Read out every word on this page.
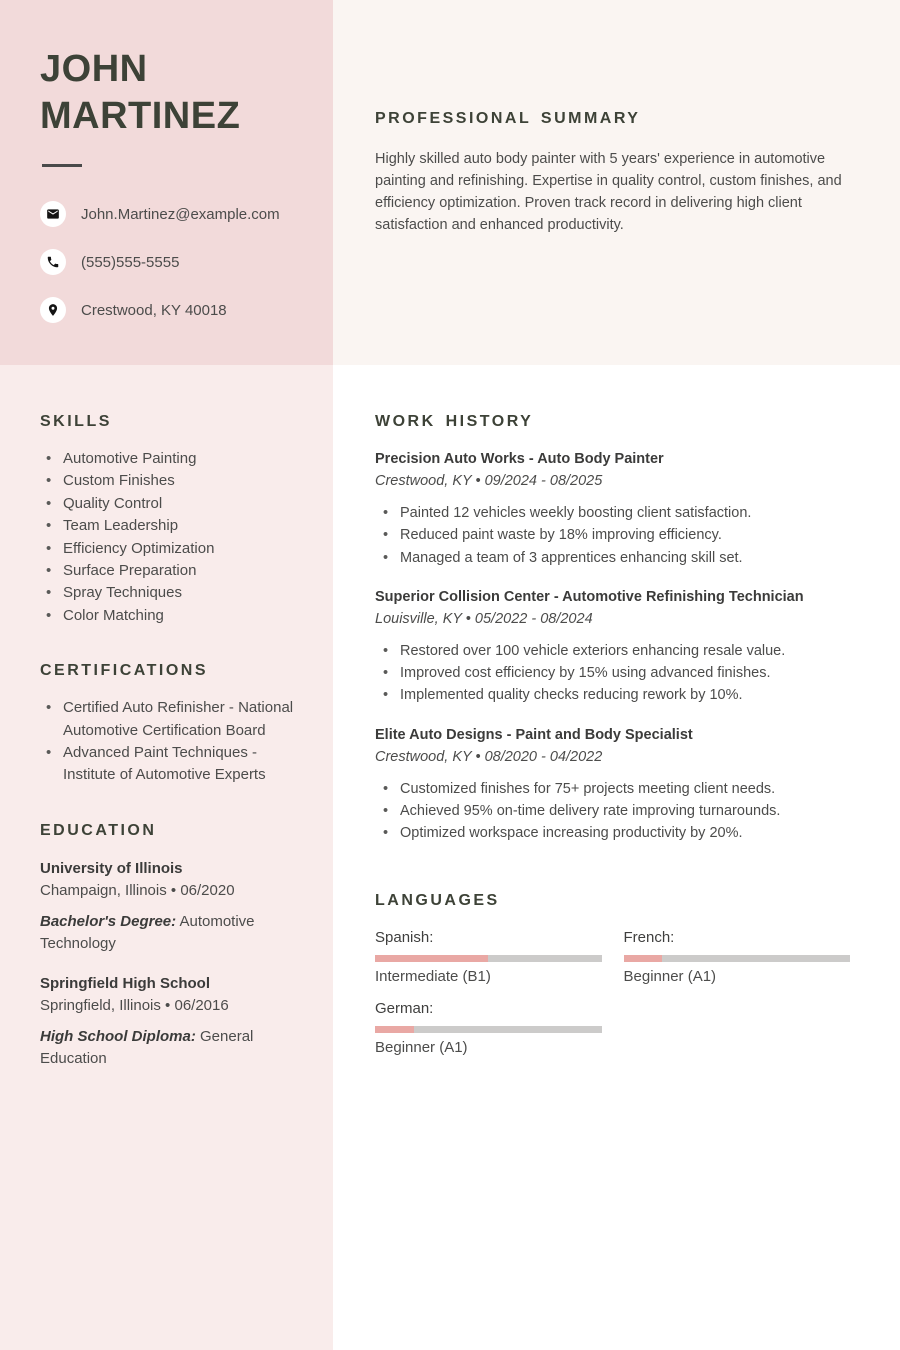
JOHN MARTINEZ
John.Martinez@example.com
(555)555-5555
Crestwood, KY 40018
PROFESSIONAL SUMMARY
Highly skilled auto body painter with 5 years' experience in automotive painting and refinishing. Expertise in quality control, custom finishes, and efficiency optimization. Proven track record in delivering high client satisfaction and enhanced productivity.
SKILLS
• Automotive Painting
• Custom Finishes
• Quality Control
• Team Leadership
• Efficiency Optimization
• Surface Preparation
• Spray Techniques
• Color Matching
CERTIFICATIONS
• Certified Auto Refinisher - National Automotive Certification Board
• Advanced Paint Techniques - Institute of Automotive Experts
EDUCATION
University of Illinois
Champaign, Illinois • 06/2020
Bachelor's Degree: Automotive Technology
Springfield High School
Springfield, Illinois • 06/2016
High School Diploma: General Education
WORK HISTORY
Precision Auto Works - Auto Body Painter
Crestwood, KY • 09/2024 - 08/2025
• Painted 12 vehicles weekly boosting client satisfaction.
• Reduced paint waste by 18% improving efficiency.
• Managed a team of 3 apprentices enhancing skill set.
Superior Collision Center - Automotive Refinishing Technician
Louisville, KY • 05/2022 - 08/2024
• Restored over 100 vehicle exteriors enhancing resale value.
• Improved cost efficiency by 15% using advanced finishes.
• Implemented quality checks reducing rework by 10%.
Elite Auto Designs - Paint and Body Specialist
Crestwood, KY • 08/2020 - 04/2022
• Customized finishes for 75+ projects meeting client needs.
• Achieved 95% on-time delivery rate improving turnarounds.
• Optimized workspace increasing productivity by 20%.
LANGUAGES
Spanish:
Intermediate (B1)
French:
Beginner (A1)
German:
Beginner (A1)
